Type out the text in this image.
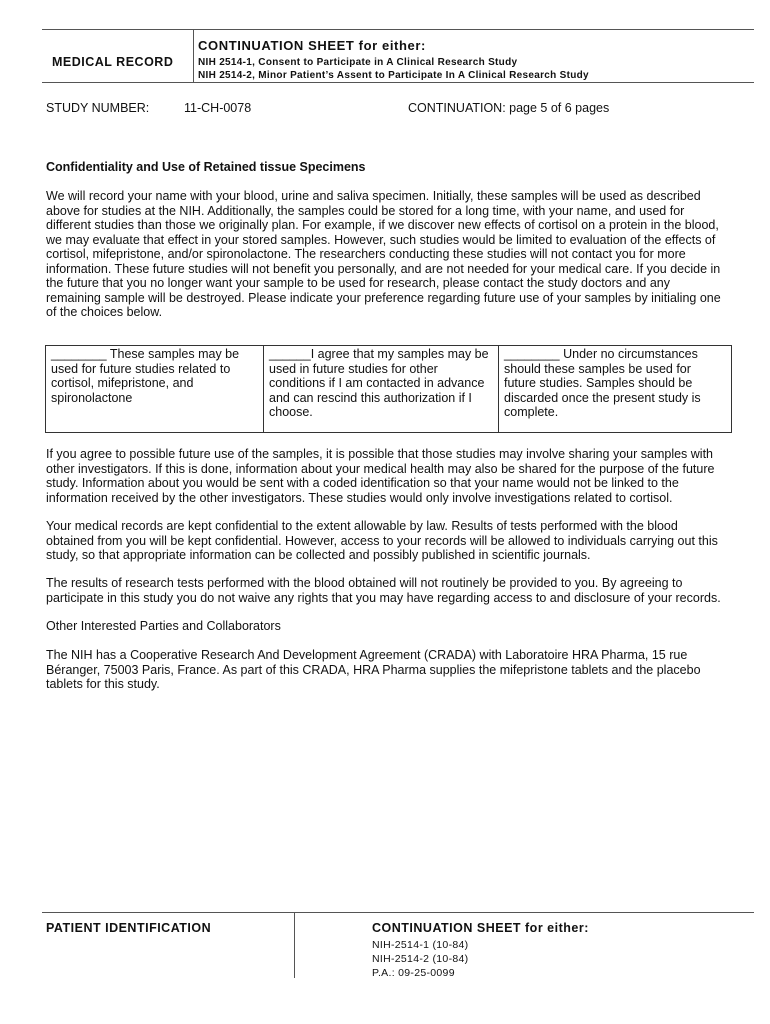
MEDICAL RECORD
CONTINUATION SHEET for either:
NIH 2514-1, Consent to Participate in A Clinical Research Study
NIH 2514-2, Minor Patient’s Assent to Participate In A Clinical Research Study
STUDY NUMBER:	11-CH-0078	CONTINUATION: page 5 of 6 pages
Confidentiality and Use of Retained tissue Specimens

We will record your name with your blood, urine and saliva specimen. Initially, these samples will be used as described above for studies at the NIH. Additionally, the samples could be stored for a long time, with your name, and used for different studies than those we originally plan. For example, if we discover new effects of cortisol on a protein in the blood, we may evaluate that effect in your stored samples. However, such studies would be limited to evaluation of the effects of cortisol, mifepristone, and/or spironolactone. The researchers conducting these studies will not contact you for more information. These future studies will not benefit you personally, and are not needed for your medical care. If you decide in the future that you no longer want your sample to be used for research, please contact the study doctors and any remaining sample will be destroyed. Please indicate your preference regarding future use of your samples by initialing one of the choices below.

________ These samples may be used for future studies related to cortisol, mifepristone, and spironolactone	______I agree that my samples may be used in future studies for other conditions if I am contacted in advance and can rescind this authorization if I choose.	________ Under no circumstances should these samples be used for future studies. Samples should be discarded once the present study is complete.

If you agree to possible future use of the samples, it is possible that those studies may involve sharing your samples with other investigators. If this is done, information about your medical health may also be shared for the purpose of the future study. Information about you would be sent with a coded identification so that your name would not be linked to the information received by the other investigators. These studies would only involve investigations related to cortisol.

Your medical records are kept confidential to the extent allowable by law. Results of tests performed with the blood obtained from you will be kept confidential. However, access to your records will be allowed to individuals carrying out this study, so that appropriate information can be collected and possibly published in scientific journals.

The results of research tests performed with the blood obtained will not routinely be provided to you. By agreeing to participate in this study you do not waive any rights that you may have regarding access to and disclosure of your records.

Other Interested Parties and Collaborators

The NIH has a Cooperative Research And Development Agreement (CRADA) with Laboratoire HRA Pharma, 15 rue Béranger, 75003 Paris, France. As part of this CRADA, HRA Pharma supplies the mifepristone tablets and the placebo tablets for this study.

PATIENT IDENTIFICATION	CONTINUATION SHEET for either:
NIH-2514-1 (10-84)
NIH-2514-2 (10-84)
P.A.: 09-25-0099
